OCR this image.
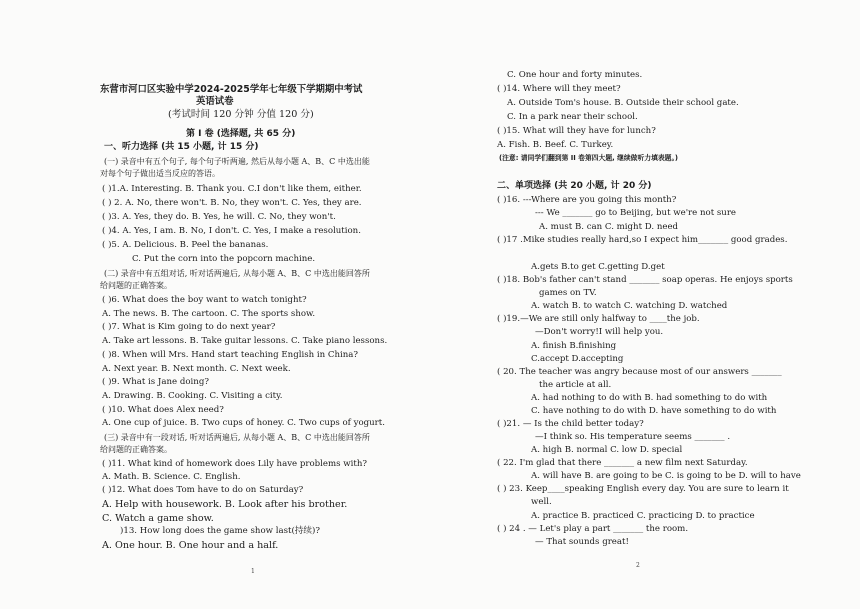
东营市河口区实验中学2024-2025学年七年级下学期期中考试
英语试卷
(考试时间 120 分钟 分值 120 分)
第 I 卷 (选择题, 共 65 分)
一、听力选择 (共 15 小题, 计 15 分)
(一) 录音中有五个句子, 每个句子听两遍, 然后从每小题 A、B、C 中选出能
对每个句子做出适当反应的答语。
( )1.A. Interesting. B. Thank you. C.I don't like them, either.
( ) 2. A. No, there won't. B. No, they won't. C. Yes, they are.
( )3. A. Yes, they do. B. Yes, he will. C. No, they won't.
( )4. A. Yes, I am. B. No, I don't. C. Yes, I make a resolution.
( )5. A. Delicious. B. Peel the bananas.
C. Put the corn into the popcorn machine.
(二) 录音中有五组对话, 听对话两遍后, 从每小题 A、B、C 中选出能回答所
给问题的正确答案。
( )6. What does the boy want to watch tonight?
A. The news. B. The cartoon. C. The sports show.
( )7. What is Kim going to do next year?
A. Take art lessons. B. Take guitar lessons. C. Take piano lessons.
( )8. When will Mrs. Hand start teaching English in China?
A. Next year. B. Next month. C. Next week.
( )9. What is Jane doing?
A. Drawing. B. Cooking. C. Visiting a city.
( )10. What does Alex need?
A. One cup of juice. B. Two cups of honey. C. Two cups of yogurt.
(三) 录音中有一段对话, 听对话两遍后, 从每小题 A、B、C 中选出能回答所
给问题的正确答案。
( )11. What kind of homework does Lily have problems with?
A. Math. B. Science. C. English.
( )12. What does Tom have to do on Saturday?
A. Help with housework. B. Look after his brother.
C. Watch a game show.
)13. How long does the game show last(持续)?
A. One hour. B. One hour and a half.
C. One hour and forty minutes.
( )14. Where will they meet?
A. Outside Tom's house. B. Outside their school gate.
C. In a park near their school.
( )15. What will they have for lunch?
A. Fish. B. Beef. C. Turkey.
(注意: 请同学们翻到第 II 卷第四大题, 继续做听力填表题。)
二、单项选择 (共 20 小题, 计 20 分)
( )16. ---Where are you going this month?
--- We _______ go to Beijing, but we're not sure
A. must B. can C. might D. need
( )17 .Mike studies really hard,so I expect him_______ good grades.
A.gets B.to get C.getting D.get
( )18. Bob's father can't stand _______ soap operas. He enjoys sports
games on TV.
A. watch B. to watch C. watching D. watched
( )19.—We are still only halfway to ____the job.
—Don't worry!I will help you.
A. finish B.finishing
C.accept D.accepting
( 20. The teacher was angry because most of our answers _______
the article at all.
A. had nothing to do with B. had something to do with
C. have nothing to do with D. have something to do with
( )21. — Is the child better today?
—I think so. His temperature seems _______ .
A. high B. normal C. low D. special
( 22. I'm glad that there _______ a new film next Saturday.
A. will have B. are going to be C. is going to be D. will to have
( ) 23. Keep____speaking English every day. You are sure to learn it
well.
A. practice B. practiced C. practicing D. to practice
( ) 24 . — Let's play a part _______ the room.
— That sounds great!
1
2
